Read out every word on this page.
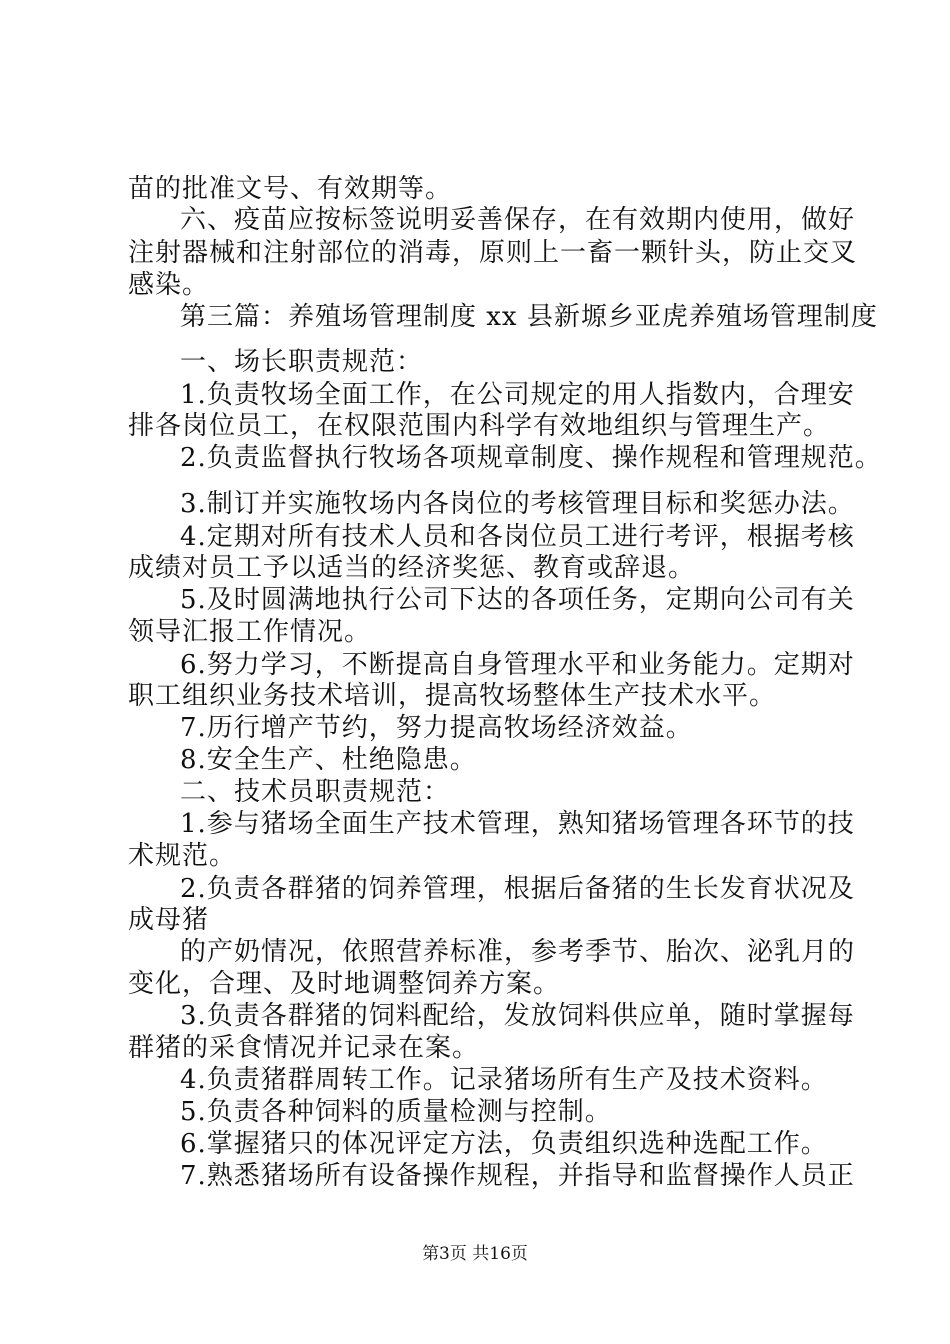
苗的批准文号、有效期等。
六、疫苗应按标签说明妥善保存，在有效期内使用，做好
注射器械和注射部位的消毒，原则上一畜一颗针头，防止交叉
感染。
第三篇：养殖场管理制度 xx 县新塬乡亚虎养殖场管理制度
一、场长职责规范：
1.负责牧场全面工作，在公司规定的用人指数内，合理安
排各岗位员工，在权限范围内科学有效地组织与管理生产。
2.负责监督执行牧场各项规章制度、操作规程和管理规范。
3.制订并实施牧场内各岗位的考核管理目标和奖惩办法。
4.定期对所有技术人员和各岗位员工进行考评，根据考核
成绩对员工予以适当的经济奖惩、教育或辞退。
5.及时圆满地执行公司下达的各项任务，定期向公司有关
领导汇报工作情况。
6.努力学习，不断提高自身管理水平和业务能力。定期对
职工组织业务技术培训，提高牧场整体生产技术水平。
7.历行增产节约，努力提高牧场经济效益。
8.安全生产、杜绝隐患。
二、技术员职责规范：
1.参与猪场全面生产技术管理，熟知猪场管理各环节的技
术规范。
2.负责各群猪的饲养管理，根据后备猪的生长发育状况及
成母猪
的产奶情况，依照营养标准，参考季节、胎次、泌乳月的
变化，合理、及时地调整饲养方案。
3.负责各群猪的饲料配给，发放饲料供应单，随时掌握每
群猪的采食情况并记录在案。
4.负责猪群周转工作。记录猪场所有生产及技术资料。
5.负责各种饲料的质量检测与控制。
6.掌握猪只的体况评定方法，负责组织选种选配工作。
7.熟悉猪场所有设备操作规程，并指导和监督操作人员正
第3页 共16页
